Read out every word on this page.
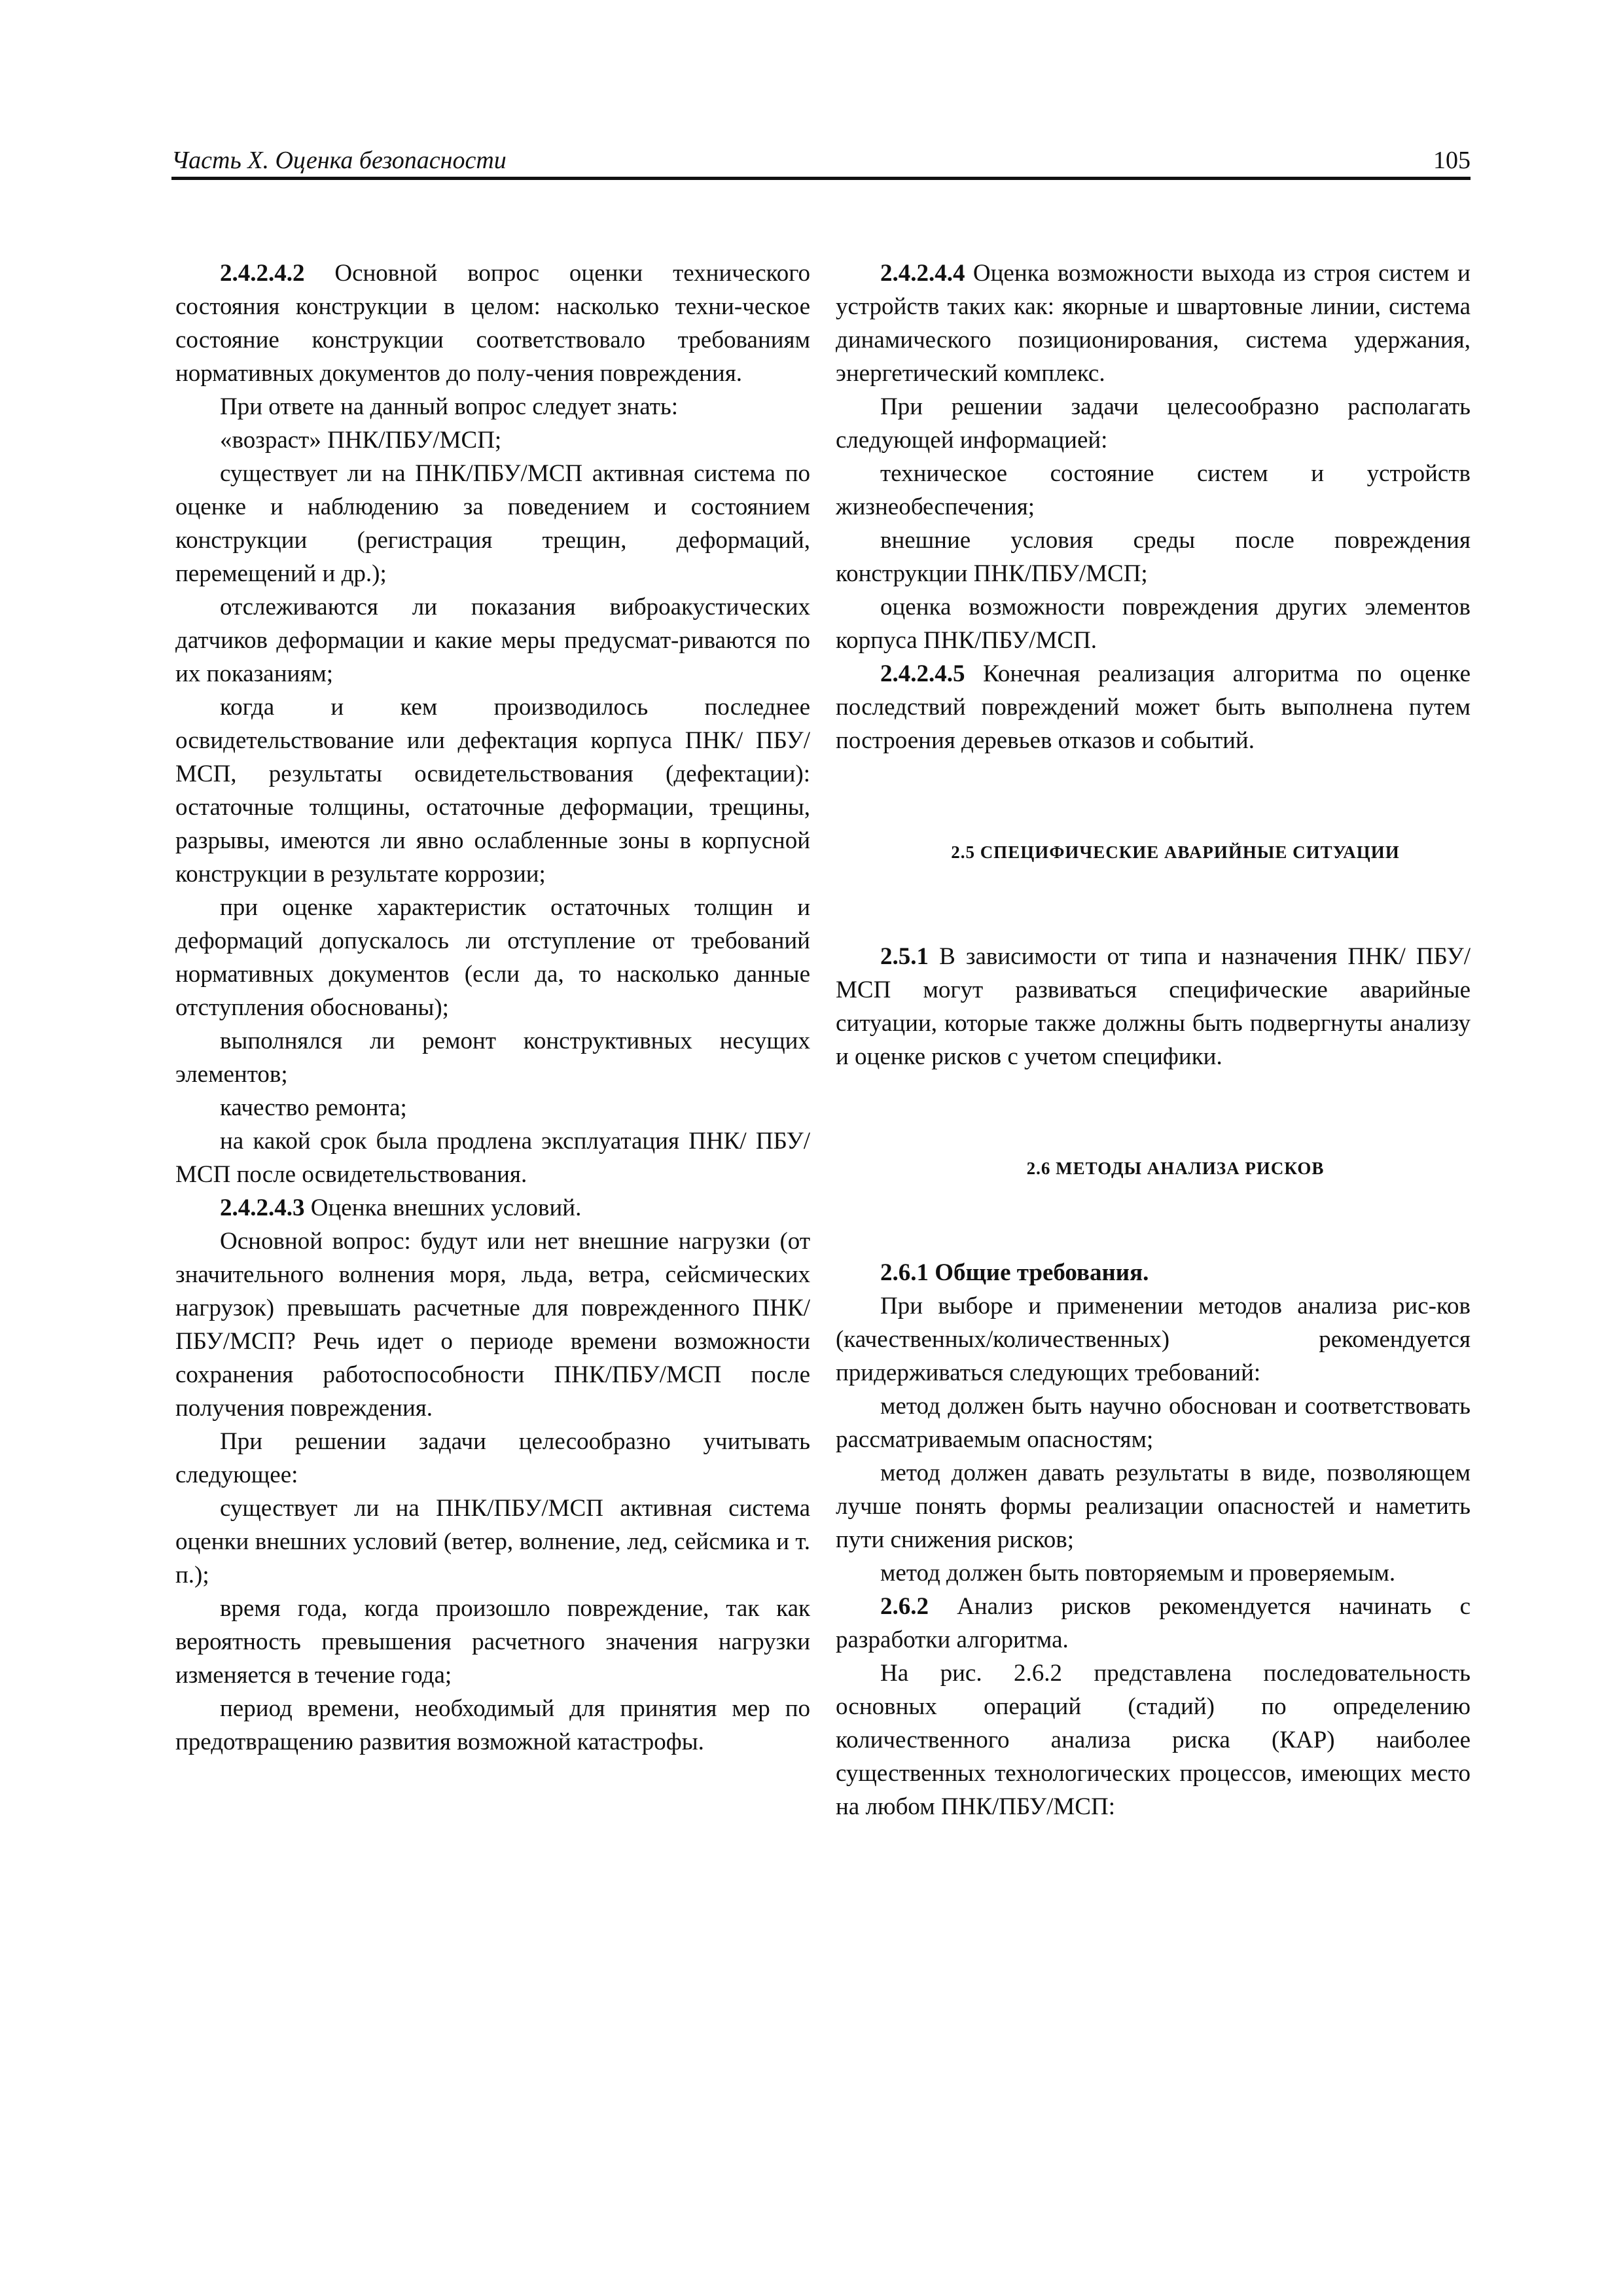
Часть X. Оценка безопасности	105

2.4.2.4.2 Основной вопрос оценки технического состояния конструкции в целом: насколько техни-ческое состояние конструкции соответствовало требованиям нормативных документов до полу-чения повреждения.

При ответе на данный вопрос следует знать:

«возраст» ПНК/ПБУ/МСП;

существует ли на ПНК/ПБУ/МСП активная система по оценке и наблюдению за поведением и состоянием конструкции (регистрация трещин, деформаций, перемещений и др.);

отслеживаются ли показания виброакустических датчиков деформации и какие меры предусмат-риваются по их показаниям;

когда и кем производилось последнее освидетельствование или дефектация корпуса ПНК/ ПБУ/МСП, результаты освидетельствования (дефектации): остаточные толщины, остаточные деформации, трещины, разрывы, имеются ли явно ослабленные зоны в корпусной конструкции в результате коррозии;

при оценке характеристик остаточных толщин и деформаций допускалось ли отступление от требований нормативных документов (если да, то насколько данные отступления обоснованы);

выполнялся ли ремонт конструктивных несущих элементов;

качество ремонта;

на какой срок была продлена эксплуатация ПНК/ ПБУ/МСП после освидетельствования.

2.4.2.4.3 Оценка внешних условий.

Основной вопрос: будут или нет внешние нагрузки (от значительного волнения моря, льда, ветра, сейсмических нагрузок) превышать расчетные для поврежденного ПНК/ПБУ/МСП? Речь идет о периоде времени возможности сохранения работоспособности ПНК/ПБУ/МСП после получения повреждения.

При решении задачи целесообразно учитывать следующее:

существует ли на ПНК/ПБУ/МСП активная система оценки внешних условий (ветер, волнение, лед, сейсмика и т. п.);

время года, когда произошло повреждение, так как вероятность превышения расчетного значения нагрузки изменяется в течение года;

период времени, необходимый для принятия мер по предотвращению развития возможной катастрофы.

2.4.2.4.4 Оценка возможности выхода из строя систем и устройств таких как: якорные и швартовные линии, система динамического позиционирования, система удержания, энергетический комплекс.

При решении задачи целесообразно располагать следующей информацией:

техническое состояние систем и устройств жизнеобеспечения;

внешние условия среды после повреждения конструкции ПНК/ПБУ/МСП;

оценка возможности повреждения других элементов корпуса ПНК/ПБУ/МСП.

2.4.2.4.5 Конечная реализация алгоритма по оценке последствий повреждений может быть выполнена путем построения деревьев отказов и событий.

2.5 СПЕЦИФИЧЕСКИЕ АВАРИЙНЫЕ СИТУАЦИИ

2.5.1 В зависимости от типа и назначения ПНК/ ПБУ/МСП могут развиваться специфические аварийные ситуации, которые также должны быть подвергнуты анализу и оценке рисков с учетом специфики.

2.6 МЕТОДЫ АНАЛИЗА РИСКОВ

2.6.1 Общие требования.

При выборе и применении методов анализа рис-ков (качественных/количественных) рекомендуется придерживаться следующих требований:

метод должен быть научно обоснован и соответствовать рассматриваемым опасностям;

метод должен давать результаты в виде, позволяющем лучше понять формы реализации опасностей и наметить пути снижения рисков;

метод должен быть повторяемым и проверяемым.

2.6.2 Анализ рисков рекомендуется начинать с разработки алгоритма.

На рис. 2.6.2 представлена последовательность основных операций (стадий) по определению количественного анализа риска (КАР) наиболее существенных технологических процессов, имеющих место на любом ПНК/ПБУ/МСП:
